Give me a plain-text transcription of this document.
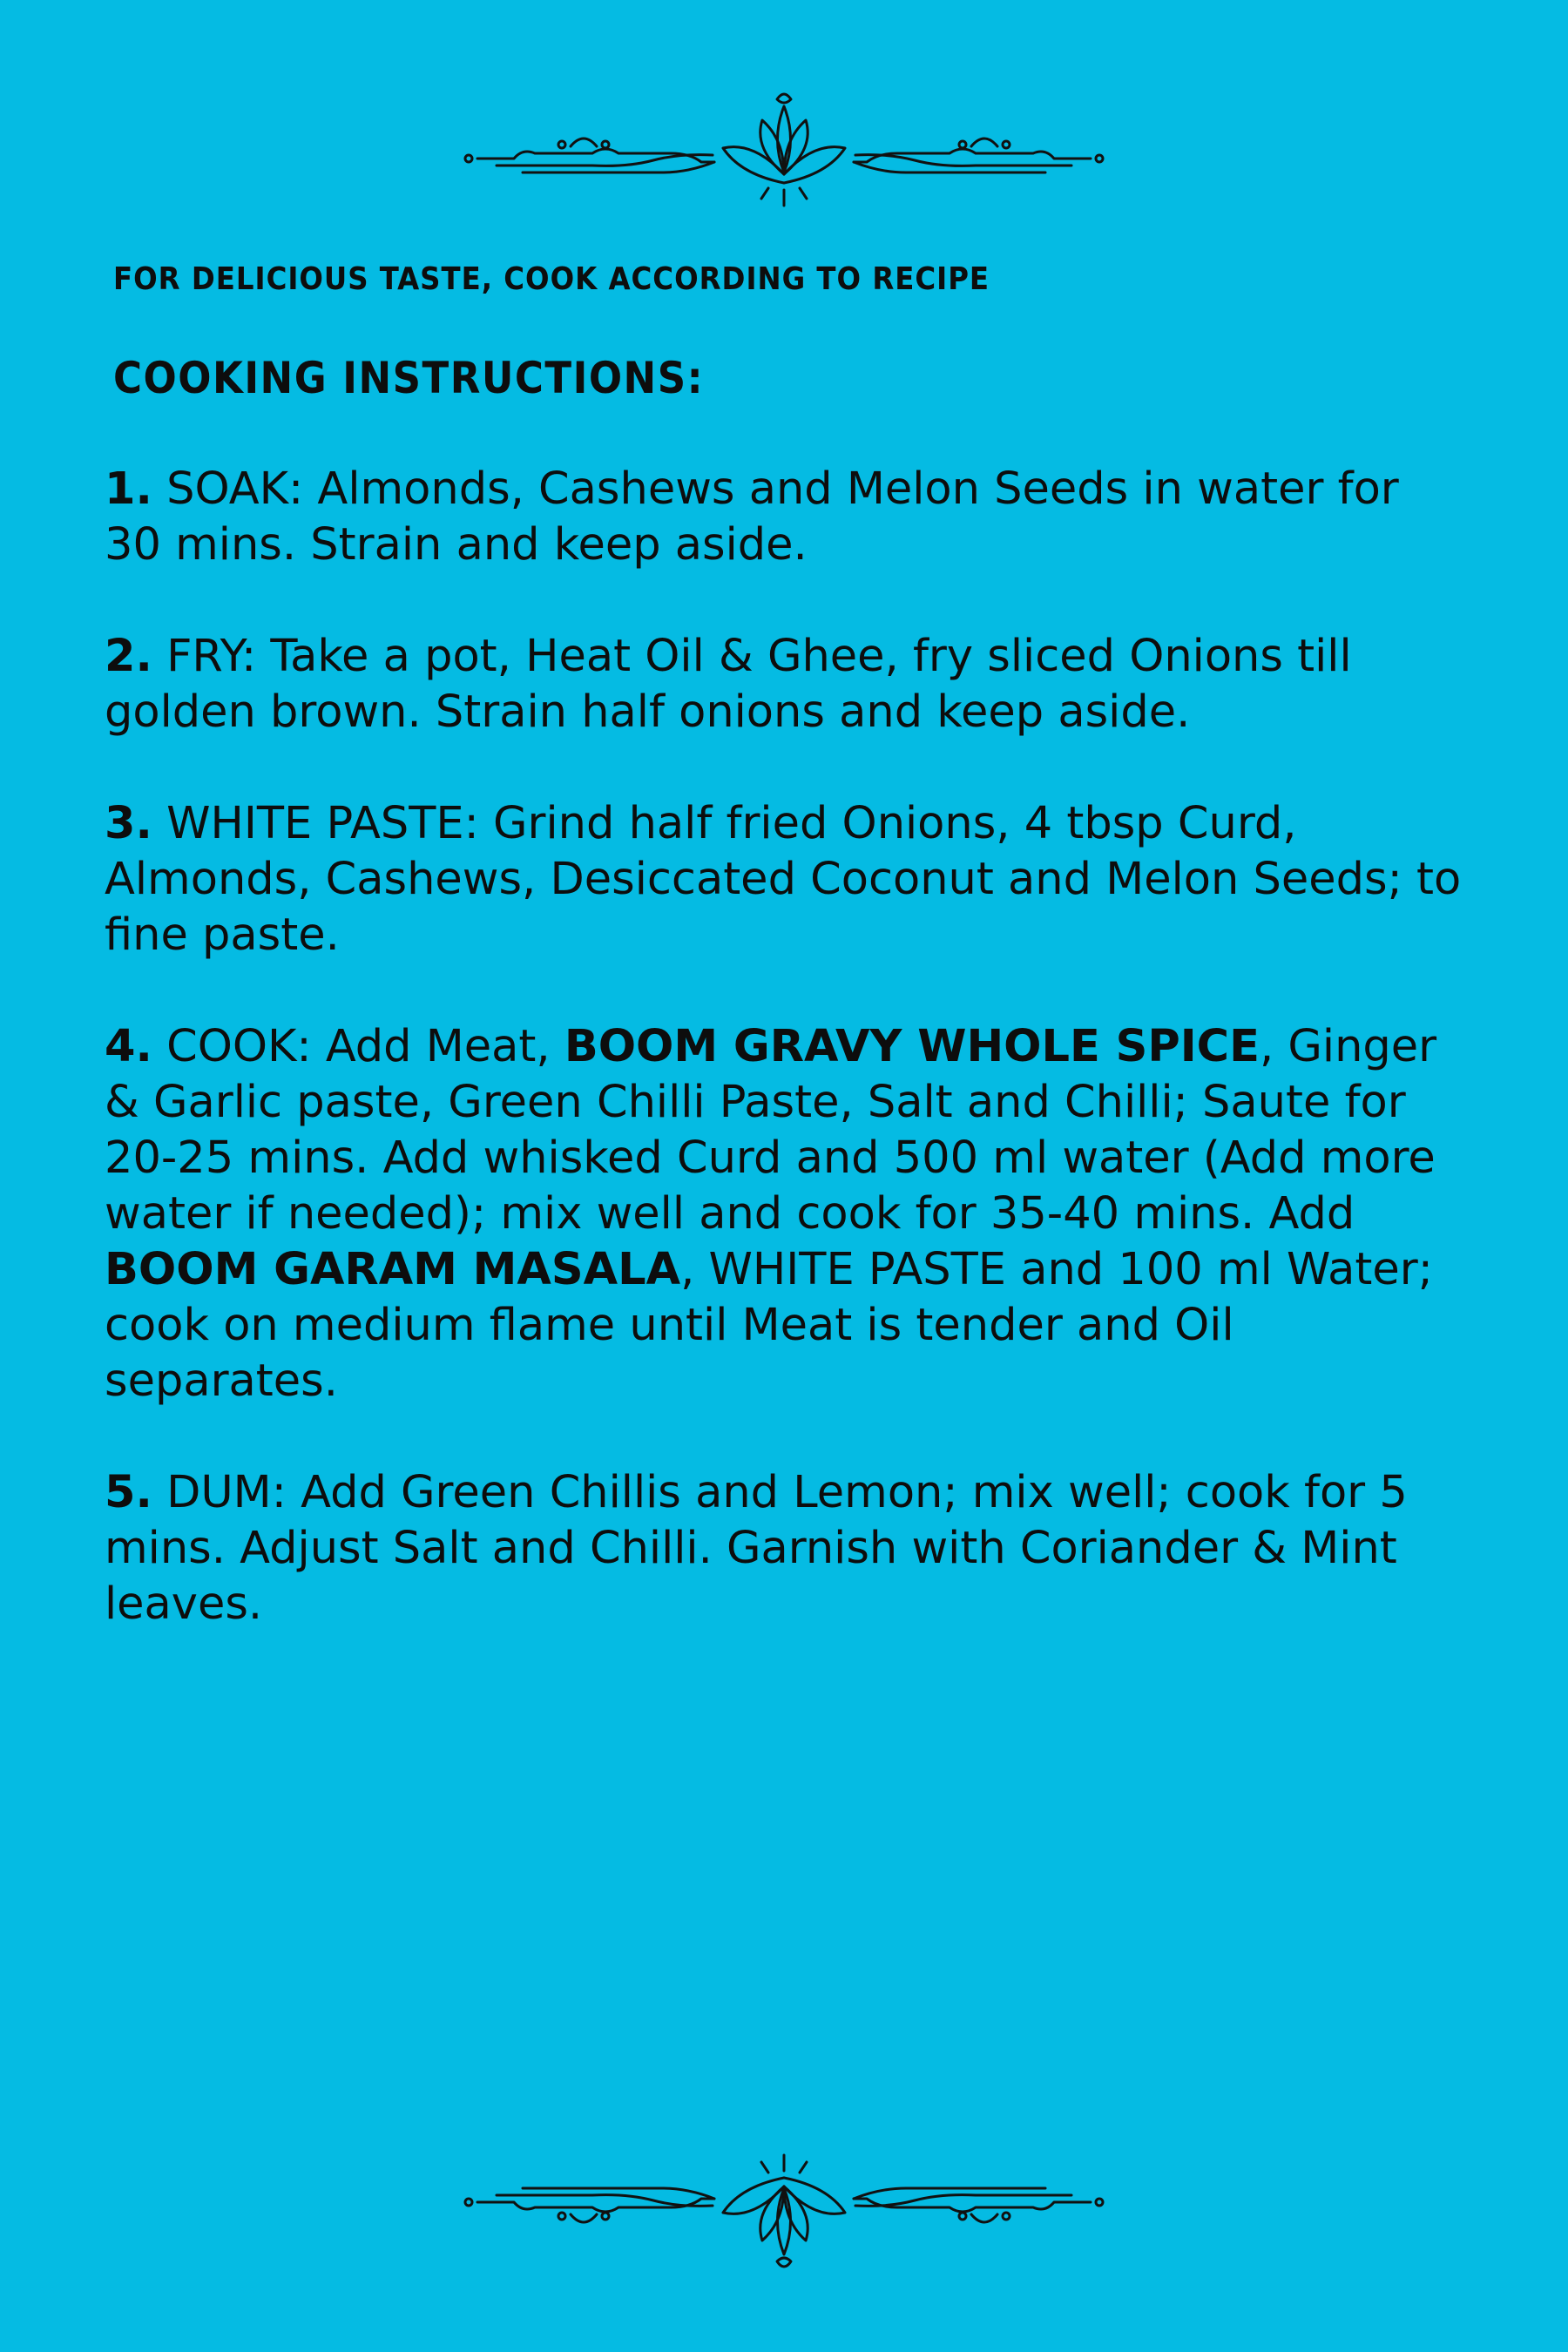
FOR DELICIOUS TASTE, COOK ACCORDING TO RECIPE

COOKING INSTRUCTIONS:
1. SOAK: Almonds, Cashews and Melon Seeds in water for 30 mins. Strain and keep aside.
2. FRY: Take a pot, Heat Oil & Ghee, fry sliced Onions till golden brown. Strain half onions and keep aside.
3. WHITE PASTE: Grind half fried Onions, 4 tbsp Curd, Almonds, Cashews, Desiccated Coconut and Melon Seeds; to fine paste.
4. COOK: Add Meat, BOOM GRAVY WHOLE SPICE, Ginger & Garlic paste, Green Chilli Paste, Salt and Chilli; Saute for 20-25 mins. Add whisked Curd and 500 ml water (Add more water if needed); mix well and cook for 35-40 mins. Add BOOM GARAM MASALA, WHITE PASTE and 100 ml Water; cook on medium flame until Meat is tender and Oil separates.
5. DUM: Add Green Chillis and Lemon; mix well; cook for 5 mins. Adjust Salt and Chilli. Garnish with Coriander & Mint leaves.
